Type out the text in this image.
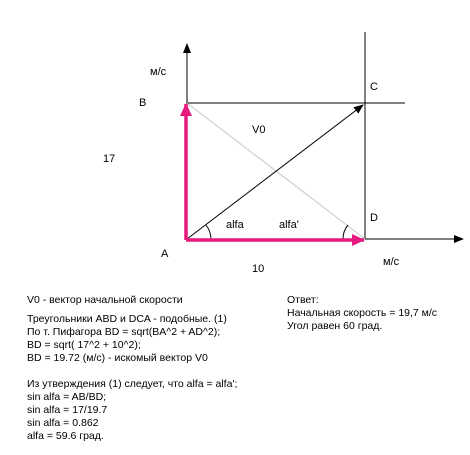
м/с
м/с
A
B
C
D
V0
17
10
alfa	alfa'
V0 - вектор начальной скорости
Треугольники ABD и DCA - подобные. (1)
По т. Пифагора BD = sqrt(BA^2 + AD^2);
BD = sqrt( 17^2 + 10^2);
BD = 19.72 (м/с) - искомый вектор V0
Из утверждения (1) следует, что alfa = alfa';
sin alfa = AB/BD;
sin alfa = 17/19.7
sin alfa = 0.862
alfa = 59.6 град.
Ответ:
Начальная скорость = 19,7 м/с
Угол равен 60 град.
